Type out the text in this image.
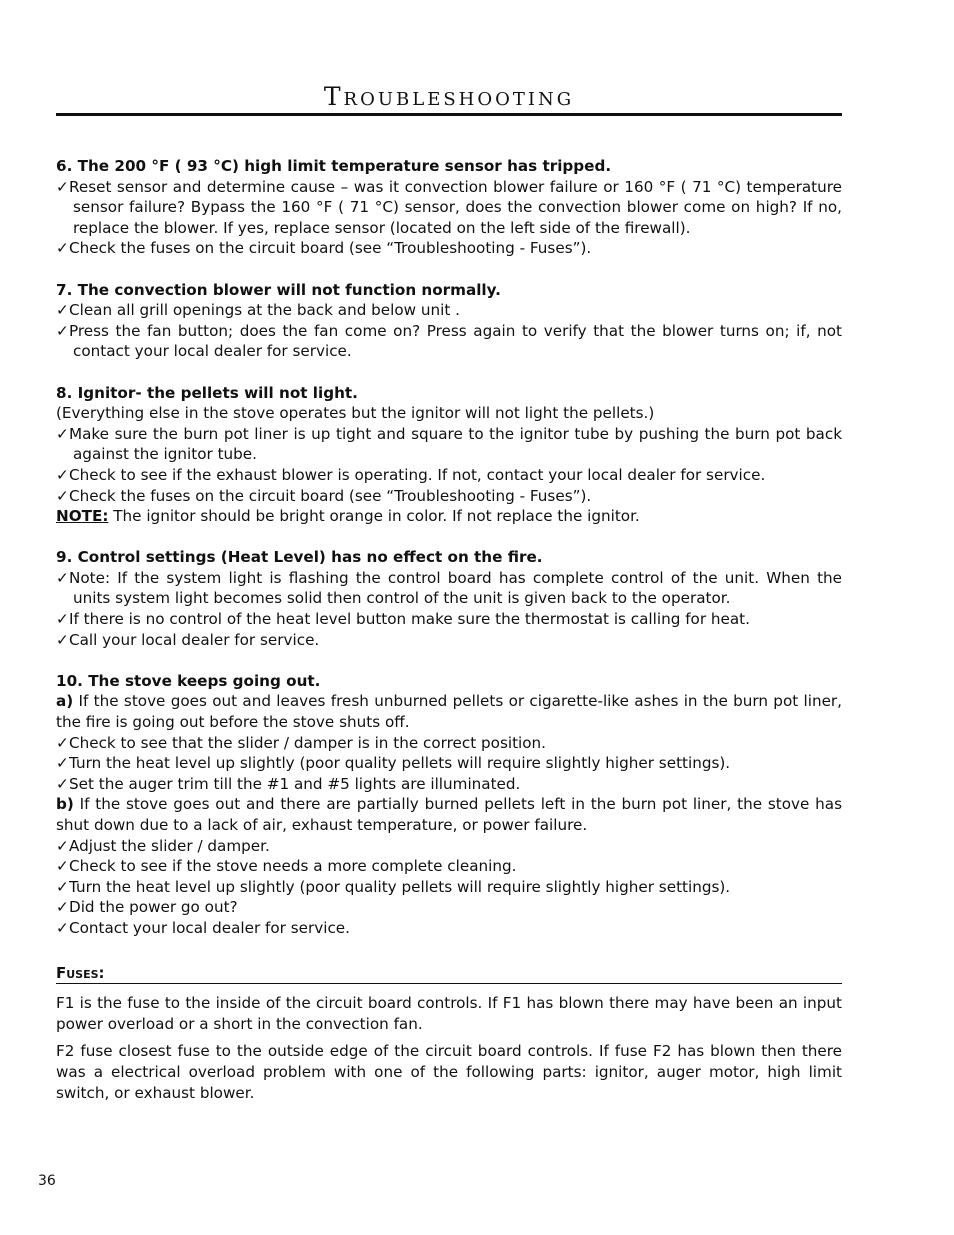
Troubleshooting
6. The 200 °F ( 93 °C) high limit temperature sensor has tripped.
✓Reset sensor and determine cause – was it convection blower failure or 160 °F ( 71 °C) temperature sensor failure? Bypass the 160 °F ( 71 °C) sensor, does the convection blower come on high? If no, replace the blower. If yes, replace sensor (located on the left side of the firewall).
✓Check the fuses on the circuit board (see “Troubleshooting - Fuses”).
7. The convection blower will not function normally.
✓Clean all grill openings at the back and below unit .
✓Press the fan button; does the fan come on? Press again to verify that the blower turns on; if, not contact your local dealer for service.
8. Ignitor- the pellets will not light.
(Everything else in the stove operates but the ignitor will not light the pellets.)
✓Make sure the burn pot liner is up tight and square to the ignitor tube by pushing the burn pot back against the ignitor tube.
✓Check to see if the exhaust blower is operating. If not, contact your local dealer for service.
✓Check the fuses on the circuit board (see “Troubleshooting - Fuses”).
NOTE: The ignitor should be bright orange in color. If not replace the ignitor.
9. Control settings (Heat Level) has no effect on the fire.
✓Note: If the system light is flashing the control board has complete control of the unit. When the units system light becomes solid then control of the unit is given back to the operator.
✓If there is no control of the heat level button make sure the thermostat is calling for heat.
✓Call your local dealer for service.
10. The stove keeps going out.
a) If the stove goes out and leaves fresh unburned pellets or cigarette-like ashes in the burn pot liner, the fire is going out before the stove shuts off.
✓Check to see that the slider / damper is in the correct position.
✓Turn the heat level up slightly (poor quality pellets will require slightly higher settings).
✓Set the auger trim till the #1 and #5 lights are illuminated.
b) If the stove goes out and there are partially burned pellets left in the burn pot liner, the stove has shut down due to a lack of air, exhaust temperature, or power failure.
✓Adjust the slider / damper.
✓Check to see if the stove needs a more complete cleaning.
✓Turn the heat level up slightly (poor quality pellets will require slightly higher settings).
✓Did the power go out?
✓Contact your local dealer for service.
Fuses:

F1 is the fuse to the inside of the circuit board controls. If F1 has blown there may have been an input power overload or a short in the convection fan.

F2 fuse closest fuse to the outside edge of the circuit board controls. If fuse F2 has blown then there was a electrical overload problem with one of the following parts: ignitor, auger motor, high limit switch, or exhaust blower.

36
